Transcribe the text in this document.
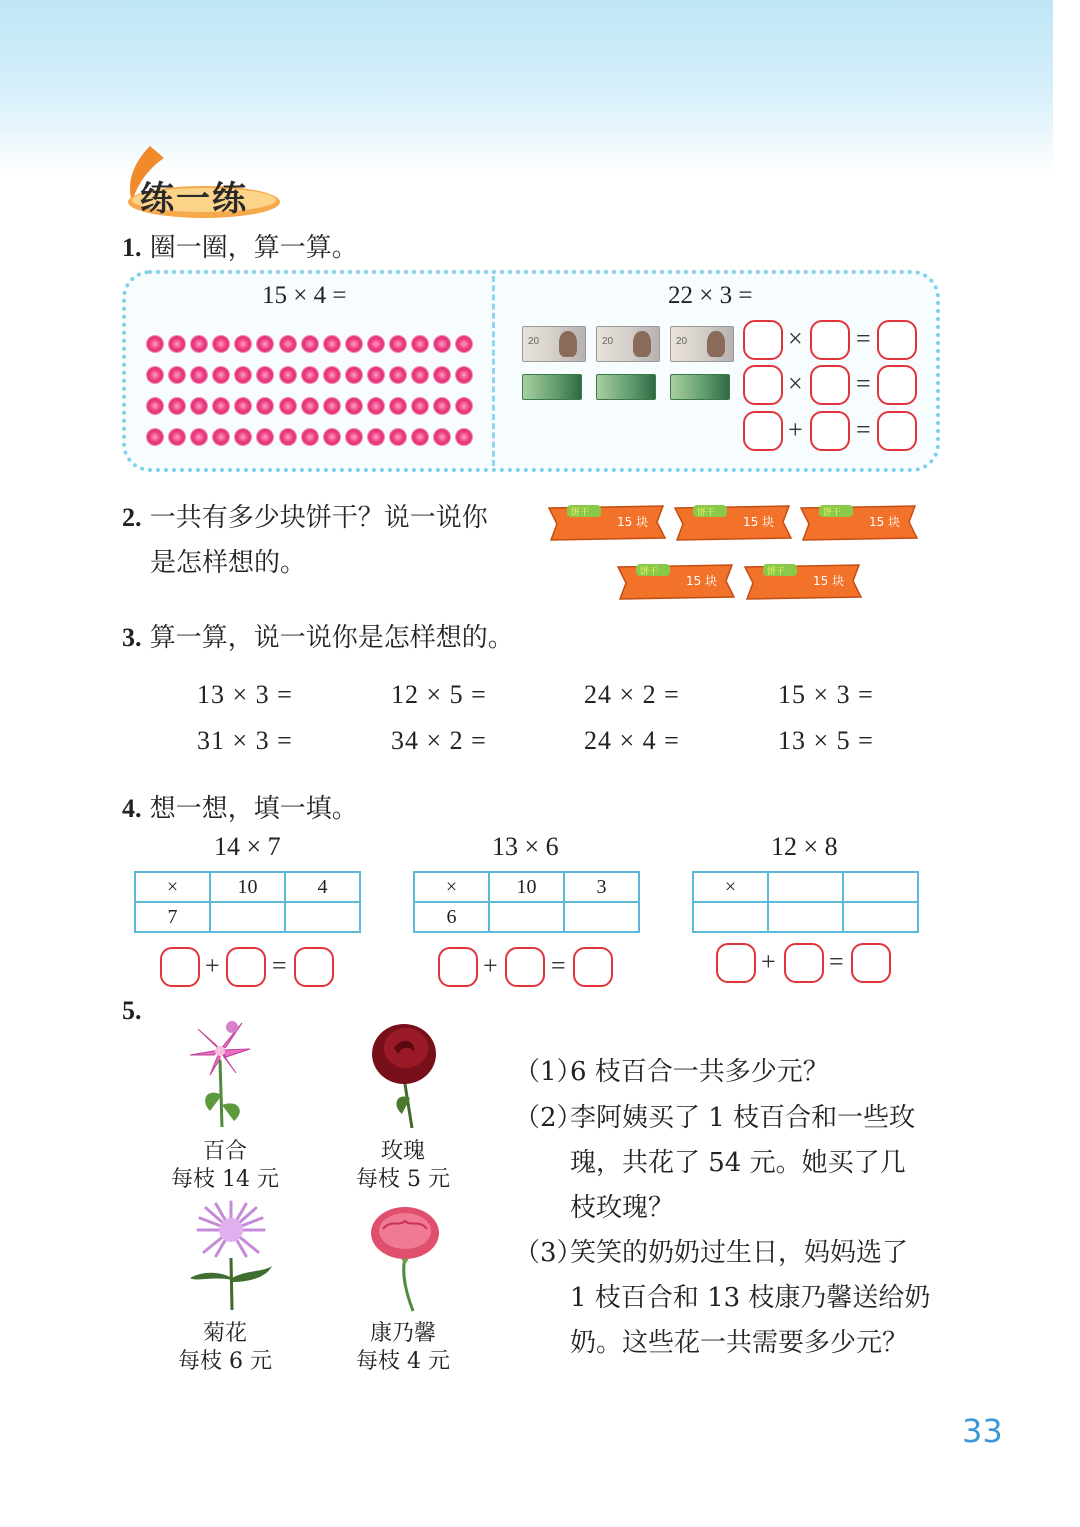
练一练
1. 圈一圈，算一算。
15 × 4 =	22 × 3 =
20	20	20	× =
× =
+ =
2. 一共有多少块饼干？说一说你
是怎样想的。
饼干
15 块
饼干
15 块
饼干
15 块
饼干
15 块
饼干
15 块
3. 算一算，说一说你是怎样想的。
13 × 3 =	12 × 5 =	24 × 2 =	15 × 3 =
31 × 3 =	34 × 2 =	24 × 4 =	13 × 5 =
4. 想一想，填一填。
14 × 7
×	10	4
7		
13 × 6
×	10	3
6		
12 × 8
×		

+ =	+ =	+ =
5.
百合
每枝 14 元
玫瑰
每枝 5 元
菊花
每枝 6 元
康乃馨
每枝 4 元
（1）
6 枝百合一共多少元？
（2）
李阿姨买了 1 枝百合和一些玫
瑰，共花了 54 元。她买了几
枝玫瑰？
（3）
笑笑的奶奶过生日，妈妈选了
1 枝百合和 13 枝康乃馨送给奶
奶。这些花一共需要多少元？
33
